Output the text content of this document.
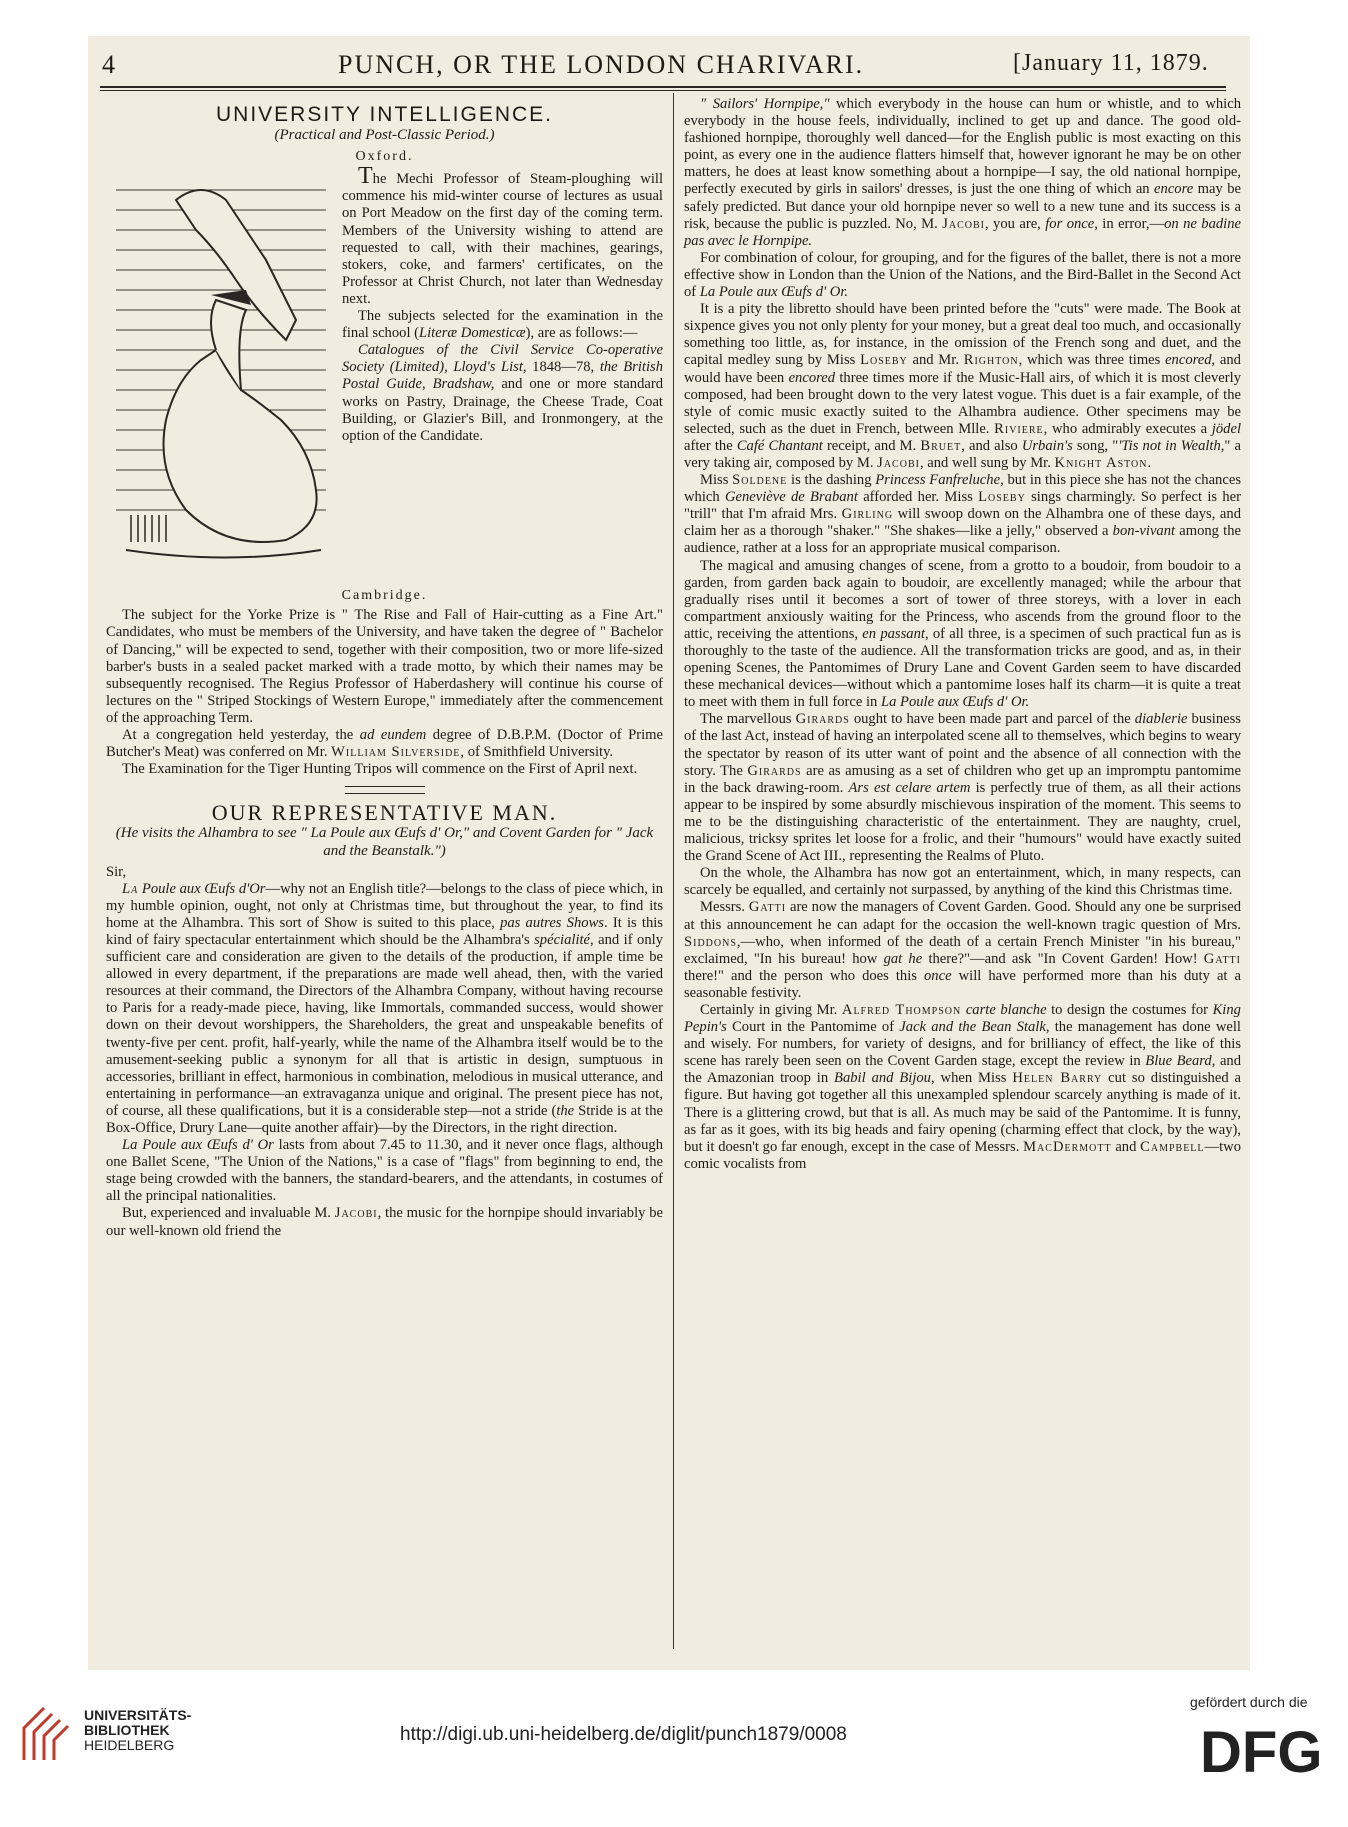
4	PUNCH, OR THE LONDON CHARIVARI.	[January 11, 1879.
UNIVERSITY INTELLIGENCE.
(Practical and Post-Classic Period.)
Oxford.

The Mechi Professor of Steam-ploughing will commence his mid-winter course of lectures as usual on Port Meadow on the first day of the coming term. Members of the University wishing to attend are requested to call, with their machines, gearings, stokers, coke, and farmers' certificates, on the Professor at Christ Church, not later than Wednesday next.

The subjects selected for the examination in the final school (Literæ Domesticæ), are as follows:—

Catalogues of the Civil Service Co-operative Society (Limited), Lloyd's List, 1848—78, the British Postal Guide, Bradshaw, and one or more standard works on Pastry, Drainage, the Cheese Trade, Coat Building, or Glazier's Bill, and Ironmongery, at the option of the Candidate.

Cambridge.

The subject for the Yorke Prize is " The Rise and Fall of Hair-cutting as a Fine Art." Candidates, who must be members of the University, and have taken the degree of " Bachelor of Dancing," will be expected to send, together with their composition, two or more life-sized barber's busts in a sealed packet marked with a trade motto, by which their names may be subsequently recognised. The Regius Professor of Haberdashery will continue his course of lectures on the " Striped Stockings of Western Europe," immediately after the commencement of the approaching Term.

At a congregation held yesterday, the ad eundem degree of D.B.P.M. (Doctor of Prime Butcher's Meat) was conferred on Mr. William Silverside, of Smithfield University.

The Examination for the Tiger Hunting Tripos will commence on the First of April next.

OUR REPRESENTATIVE MAN.
(He visits the Alhambra to see " La Poule aux Œufs d' Or," and Covent Garden for " Jack and the Beanstalk.")

Sir,

La Poule aux Œufs d'Or—why not an English title?—belongs to the class of piece which, in my humble opinion, ought, not only at Christmas time, but throughout the year, to find its home at the Alhambra. This sort of Show is suited to this place, pas autres Shows. It is this kind of fairy spectacular entertainment which should be the Alhambra's spécialité, and if only sufficient care and consideration are given to the details of the production, if ample time be allowed in every department, if the preparations are made well ahead, then, with the varied resources at their command, the Directors of the Alhambra Company, without having recourse to Paris for a ready-made piece, having, like Immortals, commanded success, would shower down on their devout worshippers, the Shareholders, the great and unspeakable benefits of twenty-five per cent. profit, half-yearly, while the name of the Alhambra itself would be to the amusement-seeking public a synonym for all that is artistic in design, sumptuous in accessories, brilliant in effect, harmonious in combination, melodious in musical utterance, and entertaining in performance—an extravaganza unique and original. The present piece has not, of course, all these qualifications, but it is a considerable step—not a stride (the Stride is at the Box-Office, Drury Lane—quite another affair)—by the Directors, in the right direction.

La Poule aux Œufs d' Or lasts from about 7.45 to 11.30, and it never once flags, although one Ballet Scene, "The Union of the Nations," is a case of "flags" from beginning to end, the stage being crowded with the banners, the standard-bearers, and the attendants, in costumes of all the principal nationalities.

But, experienced and invaluable M. Jacobi, the music for the hornpipe should invariably be our well-known old friend the

" Sailors' Hornpipe," which everybody in the house can hum or whistle, and to which everybody in the house feels, individually, inclined to get up and dance. The good old-fashioned hornpipe, thoroughly well danced—for the English public is most exacting on this point, as every one in the audience flatters himself that, however ignorant he may be on other matters, he does at least know something about a hornpipe—I say, the old national hornpipe, perfectly executed by girls in sailors' dresses, is just the one thing of which an encore may be safely predicted. But dance your old hornpipe never so well to a new tune and its success is a risk, because the public is puzzled. No, M. Jacobi, you are, for once, in error,—on ne badine pas avec le Hornpipe.

For combination of colour, for grouping, and for the figures of the ballet, there is not a more effective show in London than the Union of the Nations, and the Bird-Ballet in the Second Act of La Poule aux Œufs d' Or.

It is a pity the libretto should have been printed before the "cuts" were made. The Book at sixpence gives you not only plenty for your money, but a great deal too much, and occasionally something too little, as, for instance, in the omission of the French song and duet, and the capital medley sung by Miss Loseby and Mr. Righton, which was three times encored, and would have been encored three times more if the Music-Hall airs, of which it is most cleverly composed, had been brought down to the very latest vogue. This duet is a fair example, of the style of comic music exactly suited to the Alhambra audience. Other specimens may be selected, such as the duet in French, between Mlle. Riviere, who admirably executes a jödel after the Café Chantant receipt, and M. Bruet, and also Urbain's song, "'Tis not in Wealth," a very taking air, composed by M. Jacobi, and well sung by Mr. Knight Aston.

Miss Soldene is the dashing Princess Fanfreluche, but in this piece she has not the chances which Geneviève de Brabant afforded her. Miss Loseby sings charmingly. So perfect is her "trill" that I'm afraid Mrs. Girling will swoop down on the Alhambra one of these days, and claim her as a thorough "shaker." "She shakes—like a jelly," observed a bon-vivant among the audience, rather at a loss for an appropriate musical comparison.

The magical and amusing changes of scene, from a grotto to a boudoir, from boudoir to a garden, from garden back again to boudoir, are excellently managed; while the arbour that gradually rises until it becomes a sort of tower of three storeys, with a lover in each compartment anxiously waiting for the Princess, who ascends from the ground floor to the attic, receiving the attentions, en passant, of all three, is a specimen of such practical fun as is thoroughly to the taste of the audience. All the transformation tricks are good, and as, in their opening Scenes, the Pantomimes of Drury Lane and Covent Garden seem to have discarded these mechanical devices—without which a pantomime loses half its charm—it is quite a treat to meet with them in full force in La Poule aux Œufs d' Or.

The marvellous Girards ought to have been made part and parcel of the diablerie business of the last Act, instead of having an interpolated scene all to themselves, which begins to weary the spectator by reason of its utter want of point and the absence of all connection with the story. The Girards are as amusing as a set of children who get up an impromptu pantomime in the back drawing-room. Ars est celare artem is perfectly true of them, as all their actions appear to be inspired by some absurdly mischievous inspiration of the moment. This seems to me to be the distinguishing characteristic of the entertainment. They are naughty, cruel, malicious, tricksy sprites let loose for a frolic, and their "humours" would have exactly suited the Grand Scene of Act III., representing the Realms of Pluto.

On the whole, the Alhambra has now got an entertainment, which, in many respects, can scarcely be equalled, and certainly not surpassed, by anything of the kind this Christmas time.

Messrs. Gatti are now the managers of Covent Garden. Good. Should any one be surprised at this announcement he can adapt for the occasion the well-known tragic question of Mrs. Siddons,—who, when informed of the death of a certain French Minister "in his bureau," exclaimed, "In his bureau! how gat he there?"—and ask "In Covent Garden! How! Gatti there!" and the person who does this once will have performed more than his duty at a seasonable festivity.

Certainly in giving Mr. Alfred Thompson carte blanche to design the costumes for King Pepin's Court in the Pantomime of Jack and the Bean Stalk, the management has done well and wisely. For numbers, for variety of designs, and for brilliancy of effect, the like of this scene has rarely been seen on the Covent Garden stage, except the review in Blue Beard, and the Amazonian troop in Babil and Bijou, when Miss Helen Barry cut so distinguished a figure. But having got together all this unexampled splendour scarcely anything is made of it. There is a glittering crowd, but that is all. As much may be said of the Pantomime. It is funny, as far as it goes, with its big heads and fairy opening (charming effect that clock, by the way), but it doesn't go far enough, except in the case of Messrs. MacDermott and Campbell—two comic vocalists from

UNIVERSITÄTS-
BIBLIOTHEK
HEIDELBERG	http://digi.ub.uni-heidelberg.de/diglit/punch1879/0008
gefördert durch die
DFG
